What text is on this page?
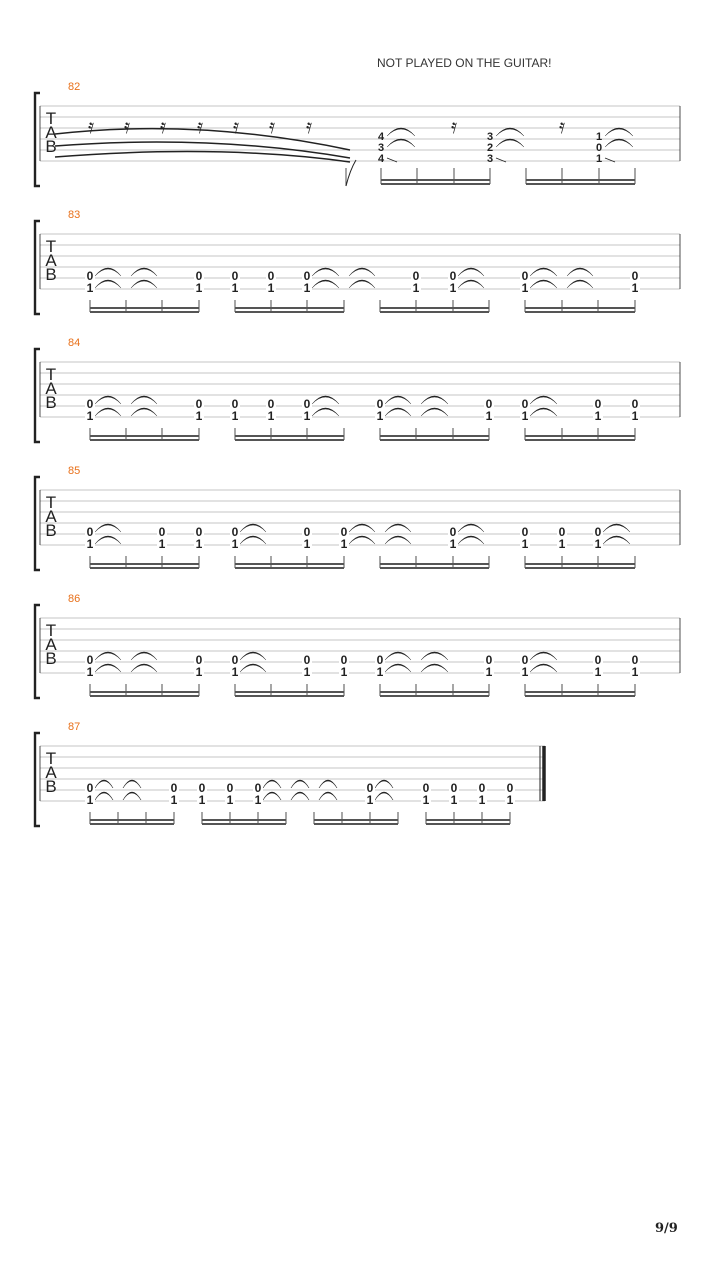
NOT PLAYED ON THE GUITAR!
T
A
B
83
0
1
0
1
0
1
0
1
0
1
0
1
0
1
0
1
0
1
T
A
B
84
0
1
0
1
0
1
0
1
0
1
0
1
0
1
0
1
0
1
0
1
T
A
B
85
0
1
0
1
0
1
0
1
0
1
0
1
0
1
0
1
0
1
0
1
T
A
B
86
0
1
0
1
0
1
0
1
0
1
0
1
0
1
0
1
0
1
0
1
T
A
B
87
0
1
0
1
0
1
0
1
0
1
0
1
0
1
0
1
0
1
0
1
T
A
B
82
𝄿 𝄿 𝄿 𝄿 𝄿 𝄿 𝄿	𝄿	𝄿
4
3
4
3
2
3
1
0
1
9/9
